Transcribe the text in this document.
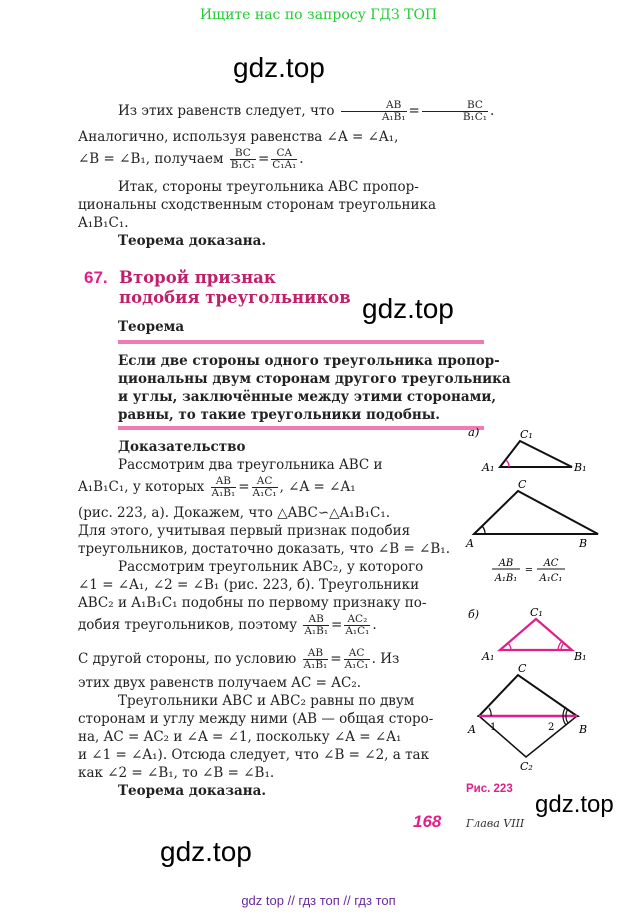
Ищите нас по запросу ГДЗ ТОП
gdz.top
gdz.top
gdz.top
gdz.top
Из этих равенств следует, что $\frac{AB}{\text{A₁B₁}} = \frac{BC}{\text{B₁C₁}}$ .
Аналогично, используя равенства ∠A = ∠A₁,
∠B = ∠B₁, получаем $\frac{BC}{\text{B₁C₁}} = \frac{CA}{\text{C₁A₁}}$ .
Итак, стороны треугольника ABC пропор-
циональны сходственным сторонам треугольника
A₁B₁C₁.
Теорема доказана.
67. Второй признак
подобия треугольников
Теорема
Если две стороны одного треугольника пропор-
циональны двум сторонам другого треугольника
и углы, заключённые между этими сторонами,
равны, то такие треугольники подобны.
Доказательство
Рассмотрим два треугольника ABC и
A₁B₁C₁, у которых $\frac{AB}{\text{A₁B₁}} = \frac{AC}{\text{A₁C₁}}$ , ∠A = ∠A₁
(рис. 223, a). Докажем, что △ABC∽△A₁B₁C₁.
Для этого, учитывая первый признак подобия
треугольников, достаточно доказать, что ∠B = ∠B₁.
Рассмотрим треугольник ABC₂, у которого
∠1 = ∠A₁, ∠2 = ∠B₁ (рис. 223, б). Треугольники
ABC₂ и A₁B₁C₁ подобны по первому признаку по-
добия треугольников, поэтому $\frac{AB}{\text{A₁B₁}} = \frac{\text{AC₂}}{\text{A₁C₁}}$ .
С другой стороны, по условию $\frac{AB}{\text{A₁B₁}} = \frac{AC}{\text{A₁C₁}}$ . Из
этих двух равенств получаем AC = AC₂.
Треугольники ABC и ABC₂ равны по двум
сторонам и углу между ними (AB — общая сторо-
на, AC = AC₂ и ∠A = ∠1, поскольку ∠A = ∠A₁
и ∠1 = ∠A₁). Отсюда следует, что ∠B = ∠2, а так
как ∠2 = ∠B₁, то ∠B = ∠B₁.
Теорема доказана.
а)	C₁
A₁	B₁
C
A	B
AB
A₁B₁
=
AC
A₁C₁
б)	C₁
A₁	B₁
C
A	B
1	2
C₂
Рис. 223
168 Глава VIII
gdz top // гдз топ // гдз топ
